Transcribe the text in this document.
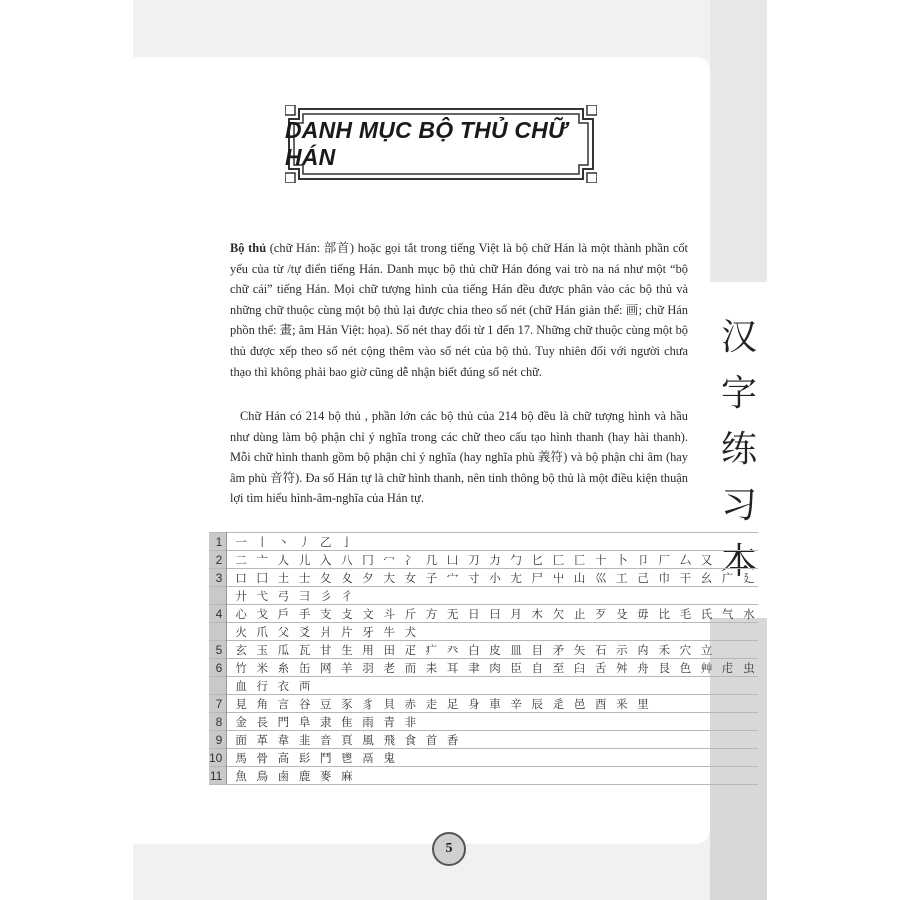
汉
字
练
习
本
DANH MỤC BỘ THỦ CHỮ HÁN
Bộ thủ (chữ Hán: 部首) hoặc gọi tắt trong tiếng Việt là bộ chữ Hán là một thành phần cốt yếu của từ /tự điển tiếng Hán. Danh mục bộ thủ chữ Hán đóng vai trò na ná như một “bộ chữ cái” tiếng Hán. Mọi chữ tượng hình của tiếng Hán đều được phân vào các bộ thủ và những chữ thuộc cùng một bộ thủ lại được chia theo số nét (chữ Hán giản thể: 画; chữ Hán phồn thể: 畫; âm Hán Việt: họa). Số nét thay đổi từ 1 đến 17. Những chữ thuộc cùng một bộ thủ được xếp theo số nét cộng thêm vào số nét của bộ thủ. Tuy nhiên đối với người chưa thạo thì không phải bao giờ cũng dễ nhận biết đúng số nét chữ.
Chữ Hán có 214 bộ thủ , phần lớn các bộ thủ của 214 bộ đều là chữ tượng hình và hầu như dùng làm bộ phận chỉ ý nghĩa trong các chữ theo cấu tạo hình thanh (hay hài thanh). Mỗi chữ hình thanh gồm bộ phận chỉ ý nghĩa (hay nghĩa phù 義符) và bộ phận chỉ âm (hay âm phù 音符). Đa số Hán tự là chữ hình thanh, nên tinh thông bộ thủ là một điều kiện thuận lợi tìm hiểu hình-âm-nghĩa của Hán tự.
1	一 丨 丶 丿 乙 亅
2	二 亠 人 儿 入 八 冂 冖 冫 几 凵 刀 力 勹 匕 匚 匸 十 卜 卩 厂 厶 又
3	口 囗 土 士 夂 夊 夕 大 女 子 宀 寸 小 尢 尸 屮 山 巛 工 己 巾 干 幺 广 廴
	廾 弋 弓 彐 彡 彳
4	心 戈 戶 手 支 攴 文 斗 斤 方 无 日 曰 月 木 欠 止 歹 殳 毋 比 毛 氏 气 水
	火 爪 父 爻 爿 片 牙 牛 犬
5	玄 玉 瓜 瓦 甘 生 用 田 疋 疒 癶 白 皮 皿 目 矛 矢 石 示 禸 禾 穴 立
6	竹 米 糸 缶 网 羊 羽 老 而 耒 耳 聿 肉 臣 自 至 臼 舌 舛 舟 艮 色 艸 虍 虫
	血 行 衣 襾
7	見 角 言 谷 豆 豕 豸 貝 赤 走 足 身 車 辛 辰 辵 邑 酉 釆 里
8	金 長 門 阜 隶 隹 雨 青 非
9	面 革 韋 韭 音 頁 風 飛 食 首 香
10	馬 骨 高 髟 鬥 鬯 鬲 鬼
11	魚 鳥 鹵 鹿 麥 麻
5
